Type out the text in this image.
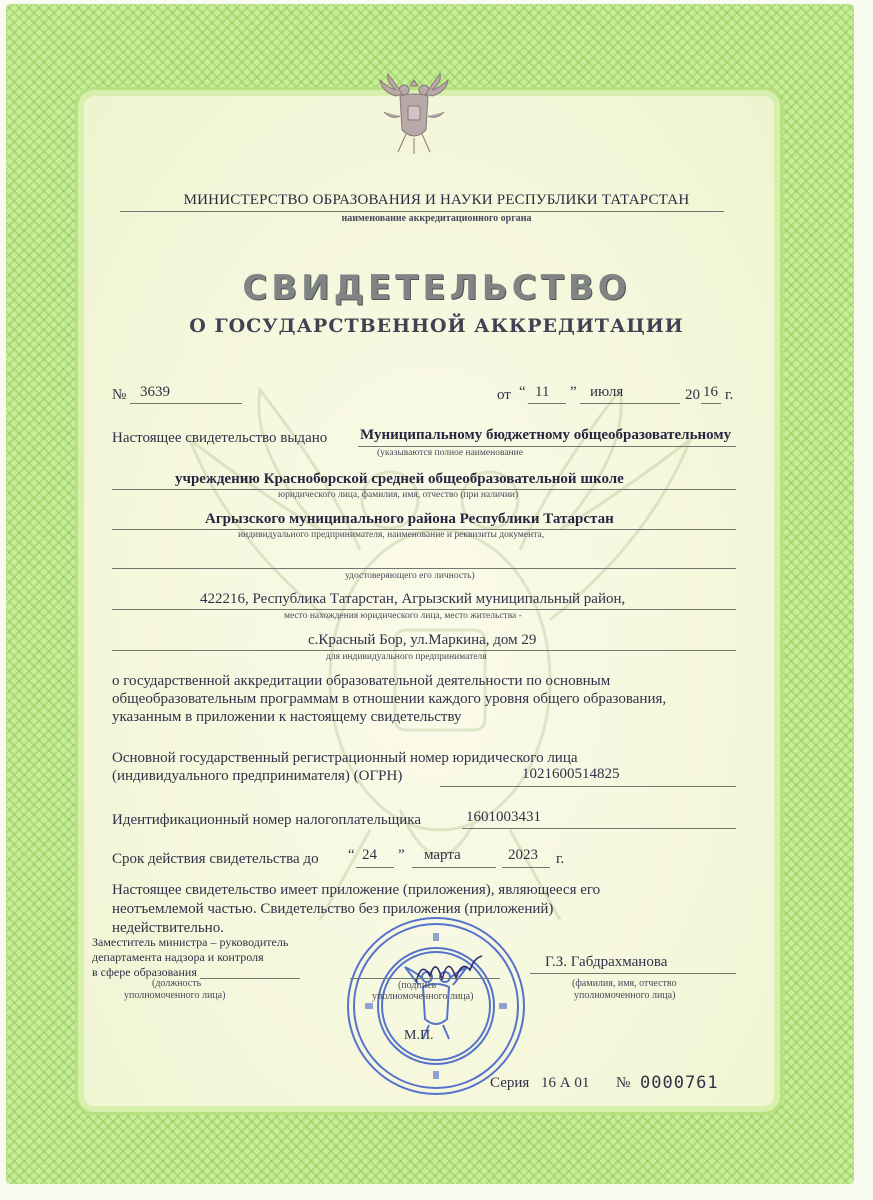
МИНИСТЕРСТВО ОБРАЗОВАНИЯ И НАУКИ РЕСПУБЛИКИ ТАТАРСТАН
наименование аккредитационного органа
СВИДЕТЕЛЬСТВО
О ГОСУДАРСТВЕННОЙ АККРЕДИТАЦИИ
№ 3639	от “ 11 ” июля	20 16 г.
Настоящее свидетельство выдано Муниципальному бюджетному общеобразовательному
(указываются полное наименование
учреждению Красноборской средней общеобразовательной школе
юридического лица, фамилия, имя, отчество (при наличии)
Агрызского муниципального района Республики Татарстан
индивидуального предпринимателя, наименование и реквизиты документа,
удостоверяющего его личность)
422216, Республика Татарстан, Агрызский муниципальный район,
место нахождения юридического лица, место жительства -
с.Красный Бор, ул.Маркина, дом 29
для индивидуального предпринимателя
о государственной аккредитации образовательной деятельности по основным
общеобразовательным программам в отношении каждого уровня общего образования,
указанным в приложении к настоящему свидетельству
Основной государственный регистрационный номер юридического лица
(индивидуального предпринимателя) (ОГРН)	1021600514825
Идентификационный номер налогоплательщика	1601003431
Срок действия свидетельства до “ 24 ” марта	2023 г.
Настоящее свидетельство имеет приложение (приложения), являющееся его
неотъемлемой частью. Свидетельство без приложения (приложений)
недействительно.
Заместитель министра – руководитель
департамента надзора и контроля
в сфере образования
(должность
уполномоченного лица)
(подпись
уполномоченного лица)
Г.З. Габдрахманова
(фамилия, имя, отчество
уполномоченного лица)
М.П.
Серия 16 А 01 № 0000761
